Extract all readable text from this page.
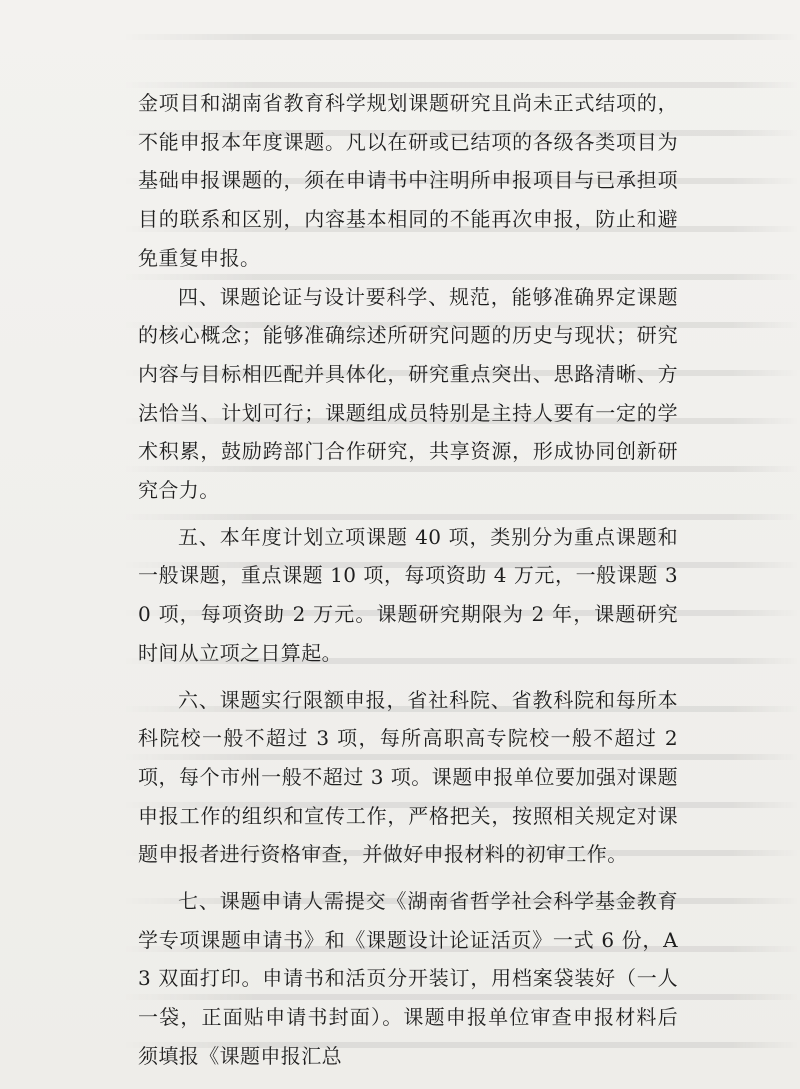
金项目和湖南省教育科学规划课题研究且尚未正式结项的，不能申报本年度课题。凡以在研或已结项的各级各类项目为基础申报课题的，须在申请书中注明所申报项目与已承担项目的联系和区别，内容基本相同的不能再次申报，防止和避免重复申报。

四、课题论证与设计要科学、规范，能够准确界定课题的核心概念；能够准确综述所研究问题的历史与现状；研究内容与目标相匹配并具体化，研究重点突出、思路清晰、方法恰当、计划可行；课题组成员特别是主持人要有一定的学术积累，鼓励跨部门合作研究，共享资源，形成协同创新研究合力。

五、本年度计划立项课题 40 项，类别分为重点课题和一般课题，重点课题 10 项，每项资助 4 万元，一般课题 30 项，每项资助 2 万元。课题研究期限为 2 年，课题研究时间从立项之日算起。

六、课题实行限额申报，省社科院、省教科院和每所本科院校一般不超过 3 项，每所高职高专院校一般不超过 2 项，每个市州一般不超过 3 项。课题申报单位要加强对课题申报工作的组织和宣传工作，严格把关，按照相关规定对课题申报者进行资格审查，并做好申报材料的初审工作。

七、课题申请人需提交《湖南省哲学社会科学基金教育学专项课题申请书》和《课题设计论证活页》一式 6 份，A3 双面打印。申请书和活页分开装订，用档案袋装好（一人一袋，正面贴申请书封面）。课题申报单位审查申报材料后须填报《课题申报汇总
